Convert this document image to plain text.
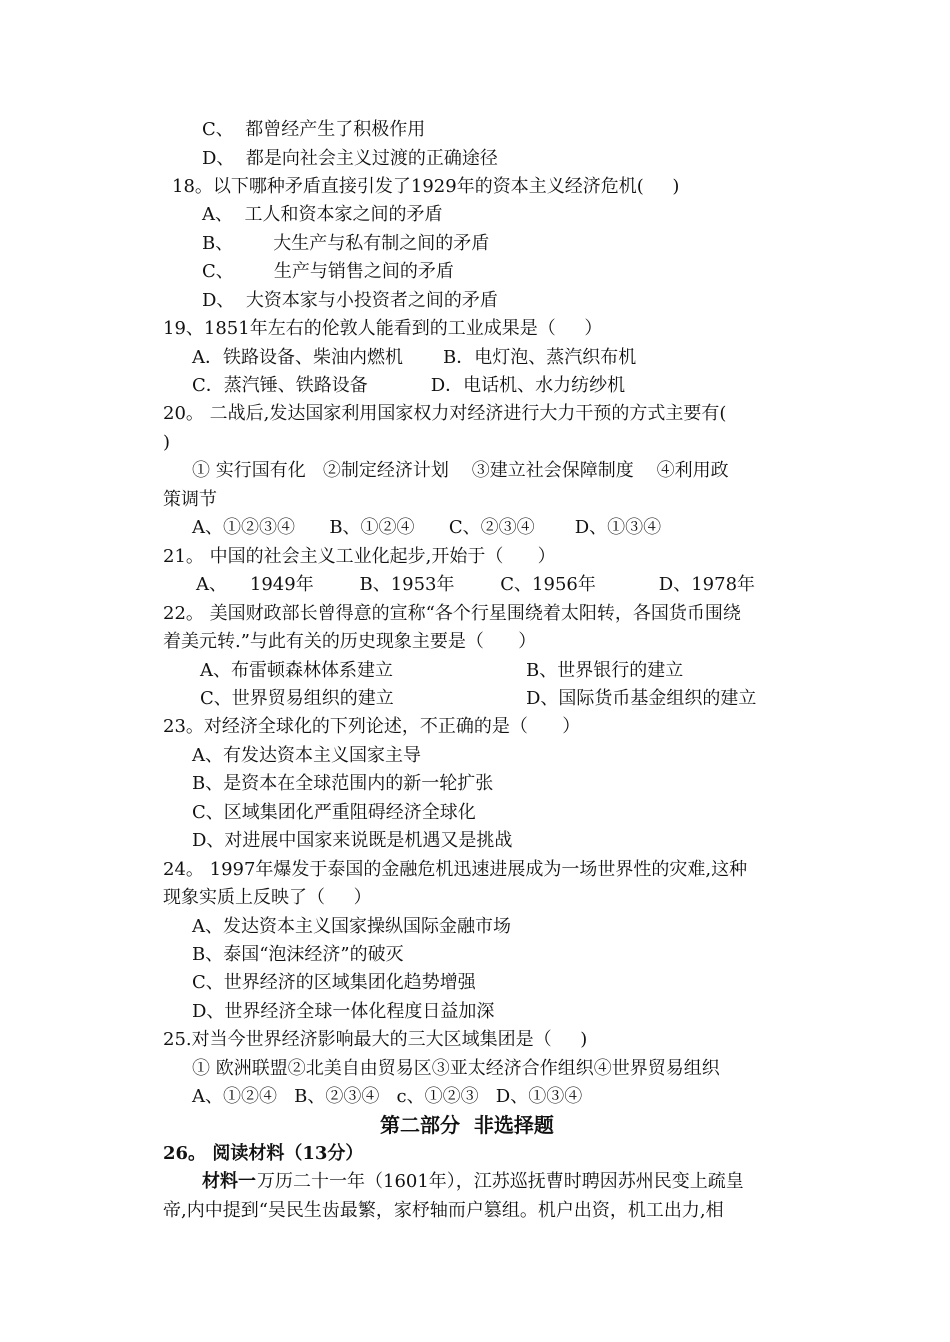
C、  都曾经产生了积极作用
D、  都是向社会主义过渡的正确途径
18。以下哪种矛盾直接引发了1929年的资本主义经济危机(     )
A、  工人和资本家之间的矛盾
B、       大生产与私有制之间的矛盾
C、       生产与销售之间的矛盾
D、  大资本家与小投资者之间的矛盾
19、1851年左右的伦敦人能看到的工业成果是（     ）
A．铁路设备、柴油内燃机       B．电灯泡、蒸汽织布机
C．蒸汽锤、铁路设备           D．电话机、水力纺纱机
20。 二战后,发达国家利用国家权力对经济进行大力干预的方式主要有(
)
① 实行国有化   ②制定经济计划    ③建立社会保障制度    ④利用政
策调节
A、①②③④      B、①②④      C、②③④       D、①③④
21。 中国的社会主义工业化起步,开始于（      ）
A、    1949年        B、1953年        C、1956年           D、1978年
22。 美国财政部长曾得意的宣称“各个行星围绕着太阳转，各国货币围绕
着美元转.”与此有关的历史现象主要是（      ）
A、布雷顿森林体系建立	B、世界银行的建立
C、世界贸易组织的建立	D、国际货币基金组织的建立
23。对经济全球化的下列论述，不正确的是（      ）
A、有发达资本主义国家主导
B、是资本在全球范围内的新一轮扩张
C、区域集团化严重阻碍经济全球化
D、对进展中国家来说既是机遇又是挑战
24。 1997年爆发于泰国的金融危机迅速进展成为一场世界性的灾难,这种
现象实质上反映了（     ）
A、发达资本主义国家操纵国际金融市场
B、泰国“泡沫经济”的破灭
C、世界经济的区域集团化趋势增强
D、世界经济全球一体化程度日益加深
25.对当今世界经济影响最大的三大区域集团是（     )
① 欧洲联盟②北美自由贸易区③亚太经济合作组织④世界贸易组织
A、①②④   B、②③④   c、①②③   D、①③④
第二部分  非选择题
26。 阅读材料（13分）
材料一 万历二十一年（1601年），江苏巡抚曹时聘因苏州民变上疏皇
帝,内中提到“吴民生齿最繁，家杼轴而户篡组。机户出资，机工出力,相
